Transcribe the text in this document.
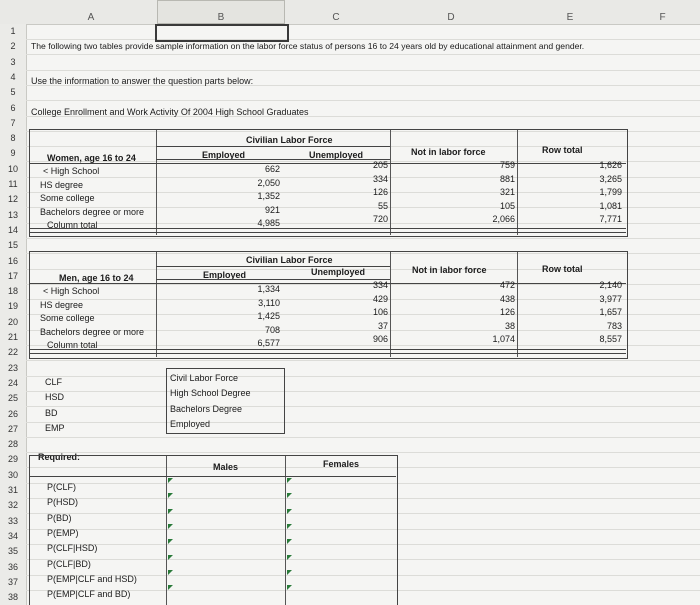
A	B	C	D	E	F
1
2
3
4
5
6
7
8
9
10
11
12
13
14
15
16
17
18
19
20
21
22
23
24
25
26
27
28
29
30
31
32
33
34
35
36
37
38
The following two tables provide sample information on the labor force status of persons 16 to 24 years old by educational attainment and gender.
Use the information to answer the question parts below:
College Enrollment and Work Activity Of 2004 High School Graduates
Civilian Labor Force
Employed	Unemployed	Not in labor force	Row total
Women, age 16 to 24
< High School	662	205	759	1,626
HS degree	2,050	334	881	3,265
Some college	1,352	126	321	1,799
Bachelors degree or more	921	55	105	1,081
Column total	4,985	720	2,066	7,771
Civilian Labor Force
Employed	Unemployed	Not in labor force	Row total
Men, age 16 to 24
< High School	1,334	334	472	2,140
HS degree	3,110	429	438	3,977
Some college	1,425	106	126	1,657
Bachelors degree or more	708	37	38	783
Column total	6,577	906	1,074	8,557
CLF	Civil Labor Force
HSD	High School Degree
BD	Bachelors Degree
EMP	Employed
Required:
Males	Females
P(CLF)
P(HSD)
P(BD)
P(EMP)
P(CLF|HSD)
P(CLF|BD)
P(EMP|CLF and HSD)
P(EMP|CLF and BD)
